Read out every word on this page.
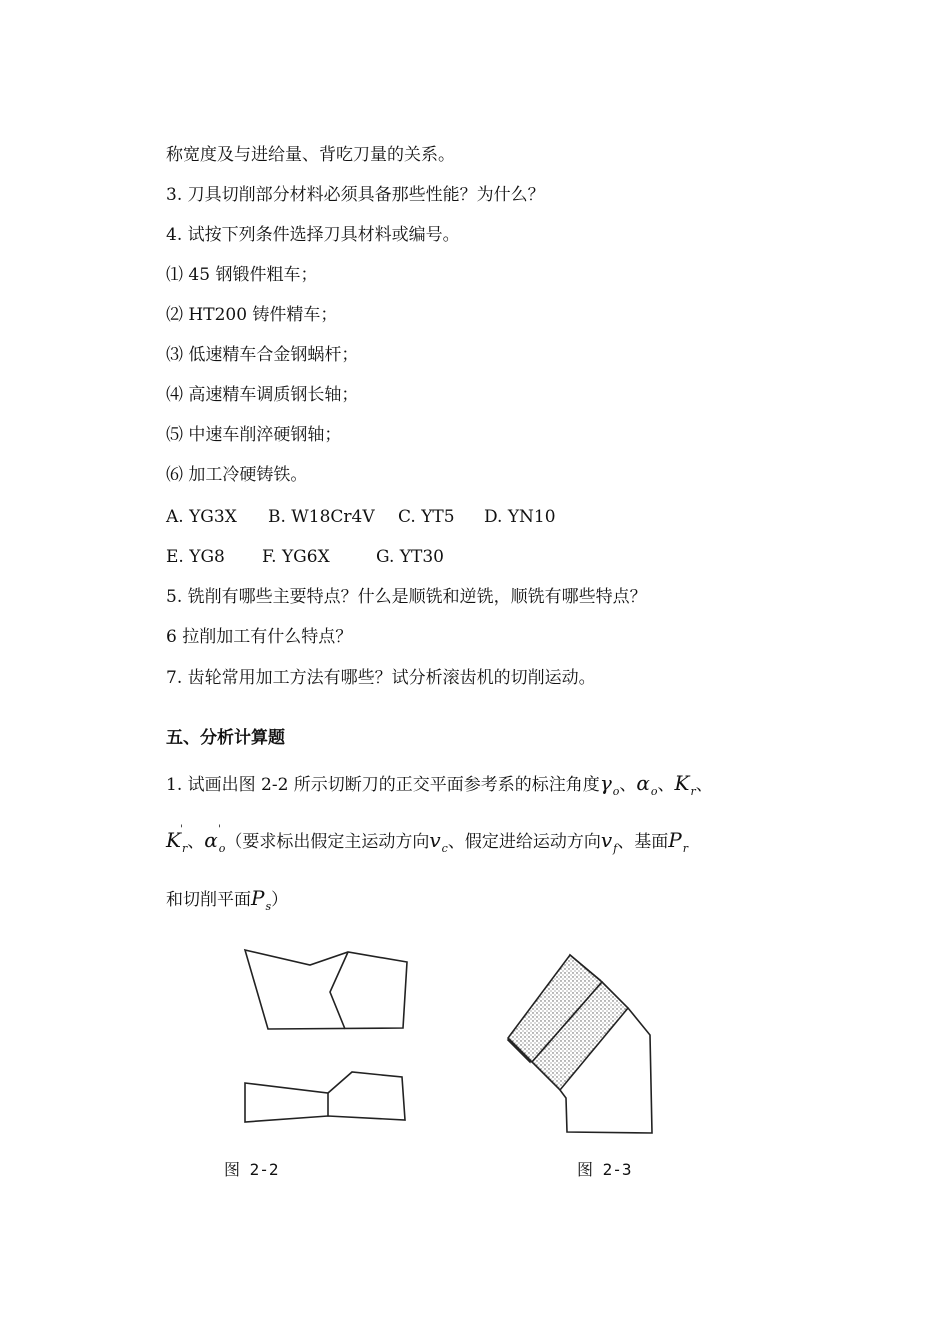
称宽度及与进给量、背吃刀量的关系。

3. 刀具切削部分材料必须具备那些性能？为什么？

4. 试按下列条件选择刀具材料或编号。

⑴ 45 钢锻件粗车；

⑵ HT200 铸件精车；

⑶ 低速精车合金钢蜗杆；

⑷ 高速精车调质钢长轴；

⑸ 中速车削淬硬钢轴；

⑹ 加工冷硬铸铁。

A. YG3X B. W18Cr4V C. YT5 D. YN10

E. YG8 F. YG6X	G. YT30

5. 铣削有哪些主要特点？什么是顺铣和逆铣，顺铣有哪些特点？

6 拉削加工有什么特点？

7. 齿轮常用加工方法有哪些？试分析滚齿机的切削运动。

五、分析计算题

1. 试画出图 2-2 所示切断刀的正交平面参考系的标注角度$\gamma_o$、$\alpha_o$、$K_r$、

K '
$_r$、α '
$_o$（要求标出假定主运动方向$v_c$、假定进给运动方向$v_f$、基面$P_r$

和切削平面$P_s$）

图 2-2	图 2-3
